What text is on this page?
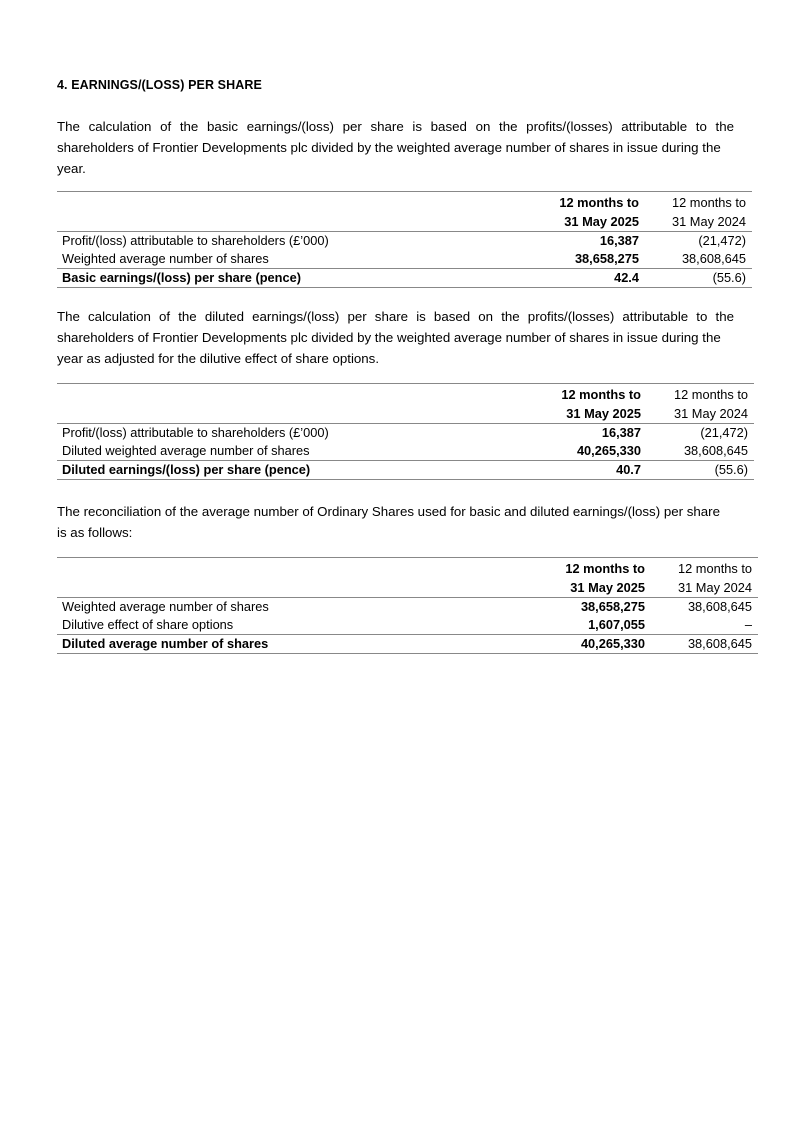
4. EARNINGS/(LOSS) PER SHARE
The calculation of the basic earnings/(loss) per share is based on the profits/(losses) attributable to the
shareholders of Frontier Developments plc divided by the weighted average number of shares in issue during the
year.
	12 months to	12 months to
	31 May 2025	31 May 2024
Profit/(loss) attributable to shareholders (£’000)	16,387	(21,472)
Weighted average number of shares	38,658,275	38,608,645
Basic earnings/(loss) per share (pence)	42.4	(55.6)
The calculation of the diluted earnings/(loss) per share is based on the profits/(losses) attributable to the
shareholders of Frontier Developments plc divided by the weighted average number of shares in issue during the
year as adjusted for the dilutive effect of share options.
	12 months to	12 months to
	31 May 2025	31 May 2024
Profit/(loss) attributable to shareholders (£’000)	16,387	(21,472)
Diluted weighted average number of shares	40,265,330	38,608,645
Diluted earnings/(loss) per share (pence)	40.7	(55.6)
The reconciliation of the average number of Ordinary Shares used for basic and diluted earnings/(loss) per share
is as follows:
	12 months to	12 months to
	31 May 2025	31 May 2024
Weighted average number of shares	38,658,275	38,608,645
Dilutive effect of share options	1,607,055	–
Diluted average number of shares	40,265,330	38,608,645
